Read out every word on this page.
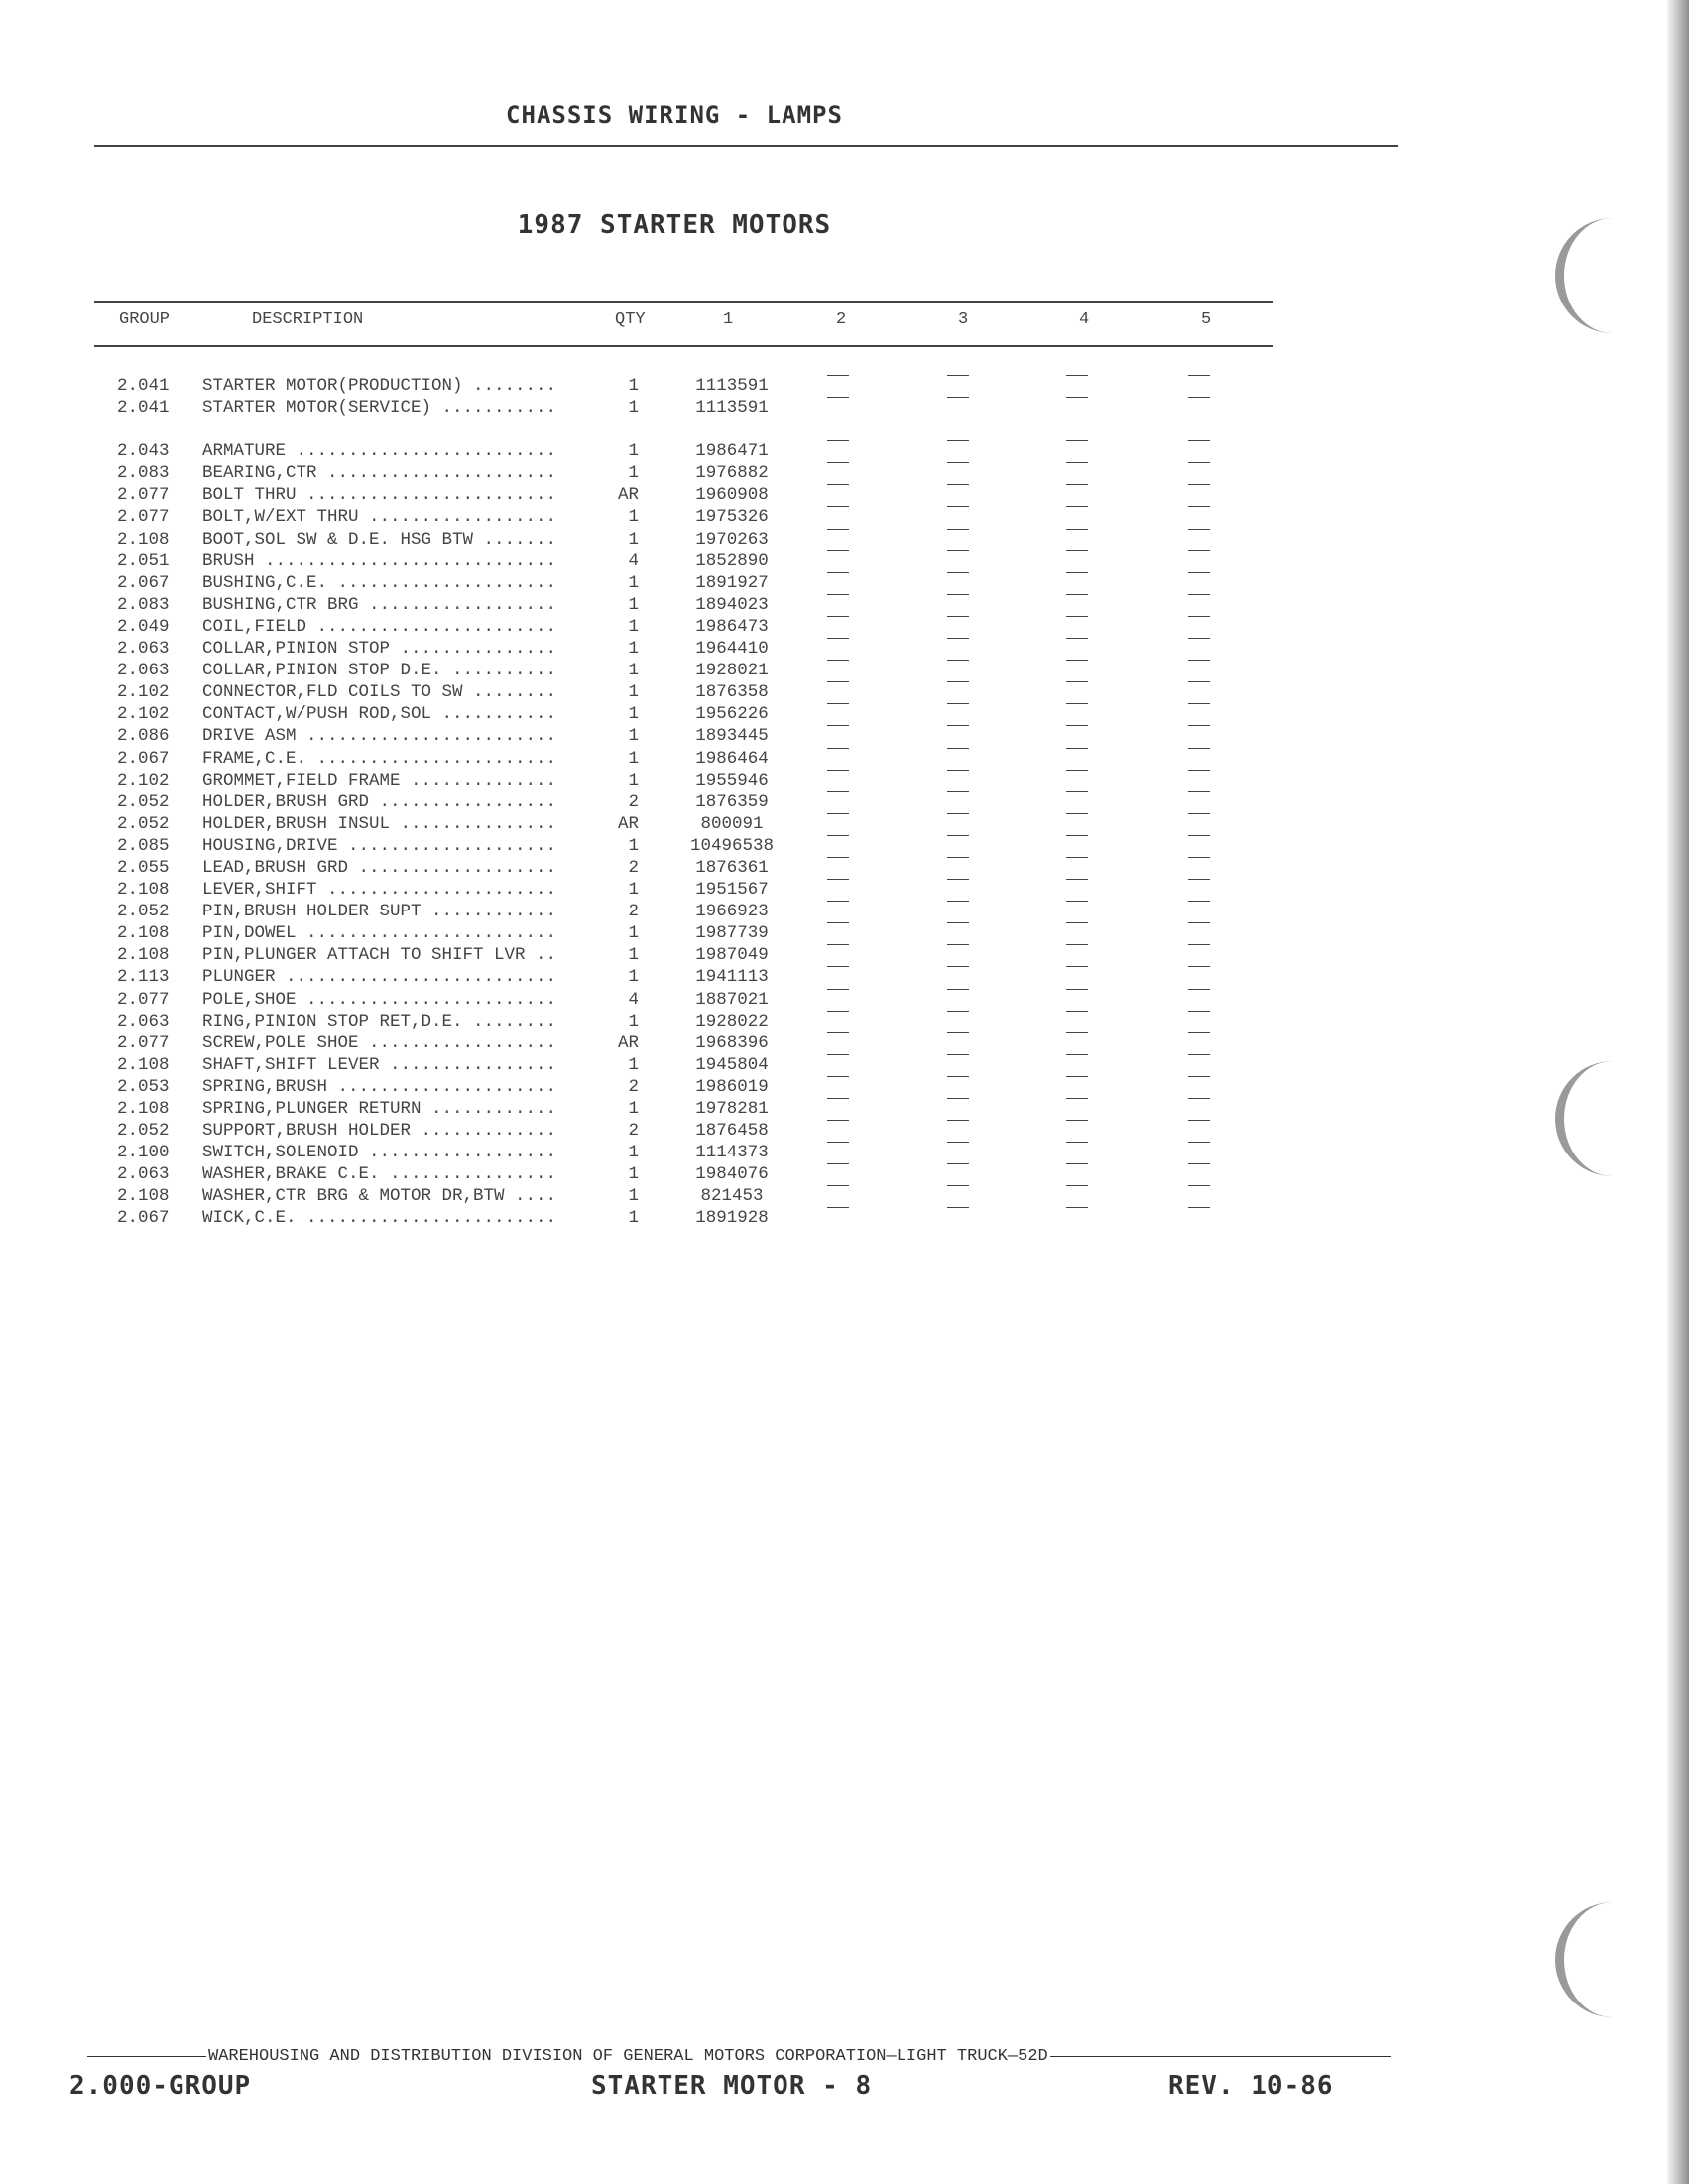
CHASSIS WIRING - LAMPS
1987 STARTER MOTORS
GROUP	DESCRIPTION	QTY	1	2	3	4	5
2.041 STARTER MOTOR(PRODUCTION) ........	1	1113591
2.041 STARTER MOTOR(SERVICE) ...........	1	1113591
2.043 ARMATURE .........................	1	1986471
2.083 BEARING,CTR ......................	1	1976882
2.077 BOLT THRU ........................	AR	1960908
2.077 BOLT,W/EXT THRU ..................	1	1975326
2.108 BOOT,SOL SW & D.E. HSG BTW .......	1	1970263
2.051 BRUSH ............................	4	1852890
2.067 BUSHING,C.E. .....................	1	1891927
2.083 BUSHING,CTR BRG ..................	1	1894023
2.049 COIL,FIELD .......................	1	1986473
2.063 COLLAR,PINION STOP ...............	1	1964410
2.063 COLLAR,PINION STOP D.E. ..........	1	1928021
2.102 CONNECTOR,FLD COILS TO SW ........	1	1876358
2.102 CONTACT,W/PUSH ROD,SOL ...........	1	1956226
2.086 DRIVE ASM ........................	1	1893445
2.067 FRAME,C.E. .......................	1	1986464
2.102 GROMMET,FIELD FRAME ..............	1	1955946
2.052 HOLDER,BRUSH GRD .................	2	1876359
2.052 HOLDER,BRUSH INSUL ...............	AR	800091
2.085 HOUSING,DRIVE ....................	1	10496538
2.055 LEAD,BRUSH GRD ...................	2	1876361
2.108 LEVER,SHIFT ......................	1	1951567
2.052 PIN,BRUSH HOLDER SUPT ............	2	1966923
2.108 PIN,DOWEL ........................	1	1987739
2.108 PIN,PLUNGER ATTACH TO SHIFT LVR ..	1	1987049
2.113 PLUNGER ..........................	1	1941113
2.077 POLE,SHOE ........................	4	1887021
2.063 RING,PINION STOP RET,D.E. ........	1	1928022
2.077 SCREW,POLE SHOE ..................	AR	1968396
2.108 SHAFT,SHIFT LEVER ................	1	1945804
2.053 SPRING,BRUSH .....................	2	1986019
2.108 SPRING,PLUNGER RETURN ............	1	1978281
2.052 SUPPORT,BRUSH HOLDER .............	2	1876458
2.100 SWITCH,SOLENOID ..................	1	1114373
2.063 WASHER,BRAKE C.E. ................	1	1984076
2.108 WASHER,CTR BRG & MOTOR DR,BTW ....	1	821453
2.067 WICK,C.E. ........................	1	1891928
WAREHOUSING AND DISTRIBUTION DIVISION OF GENERAL MOTORS CORPORATION—LIGHT TRUCK—52D
2.000-GROUP	STARTER MOTOR - 8	REV. 10-86
